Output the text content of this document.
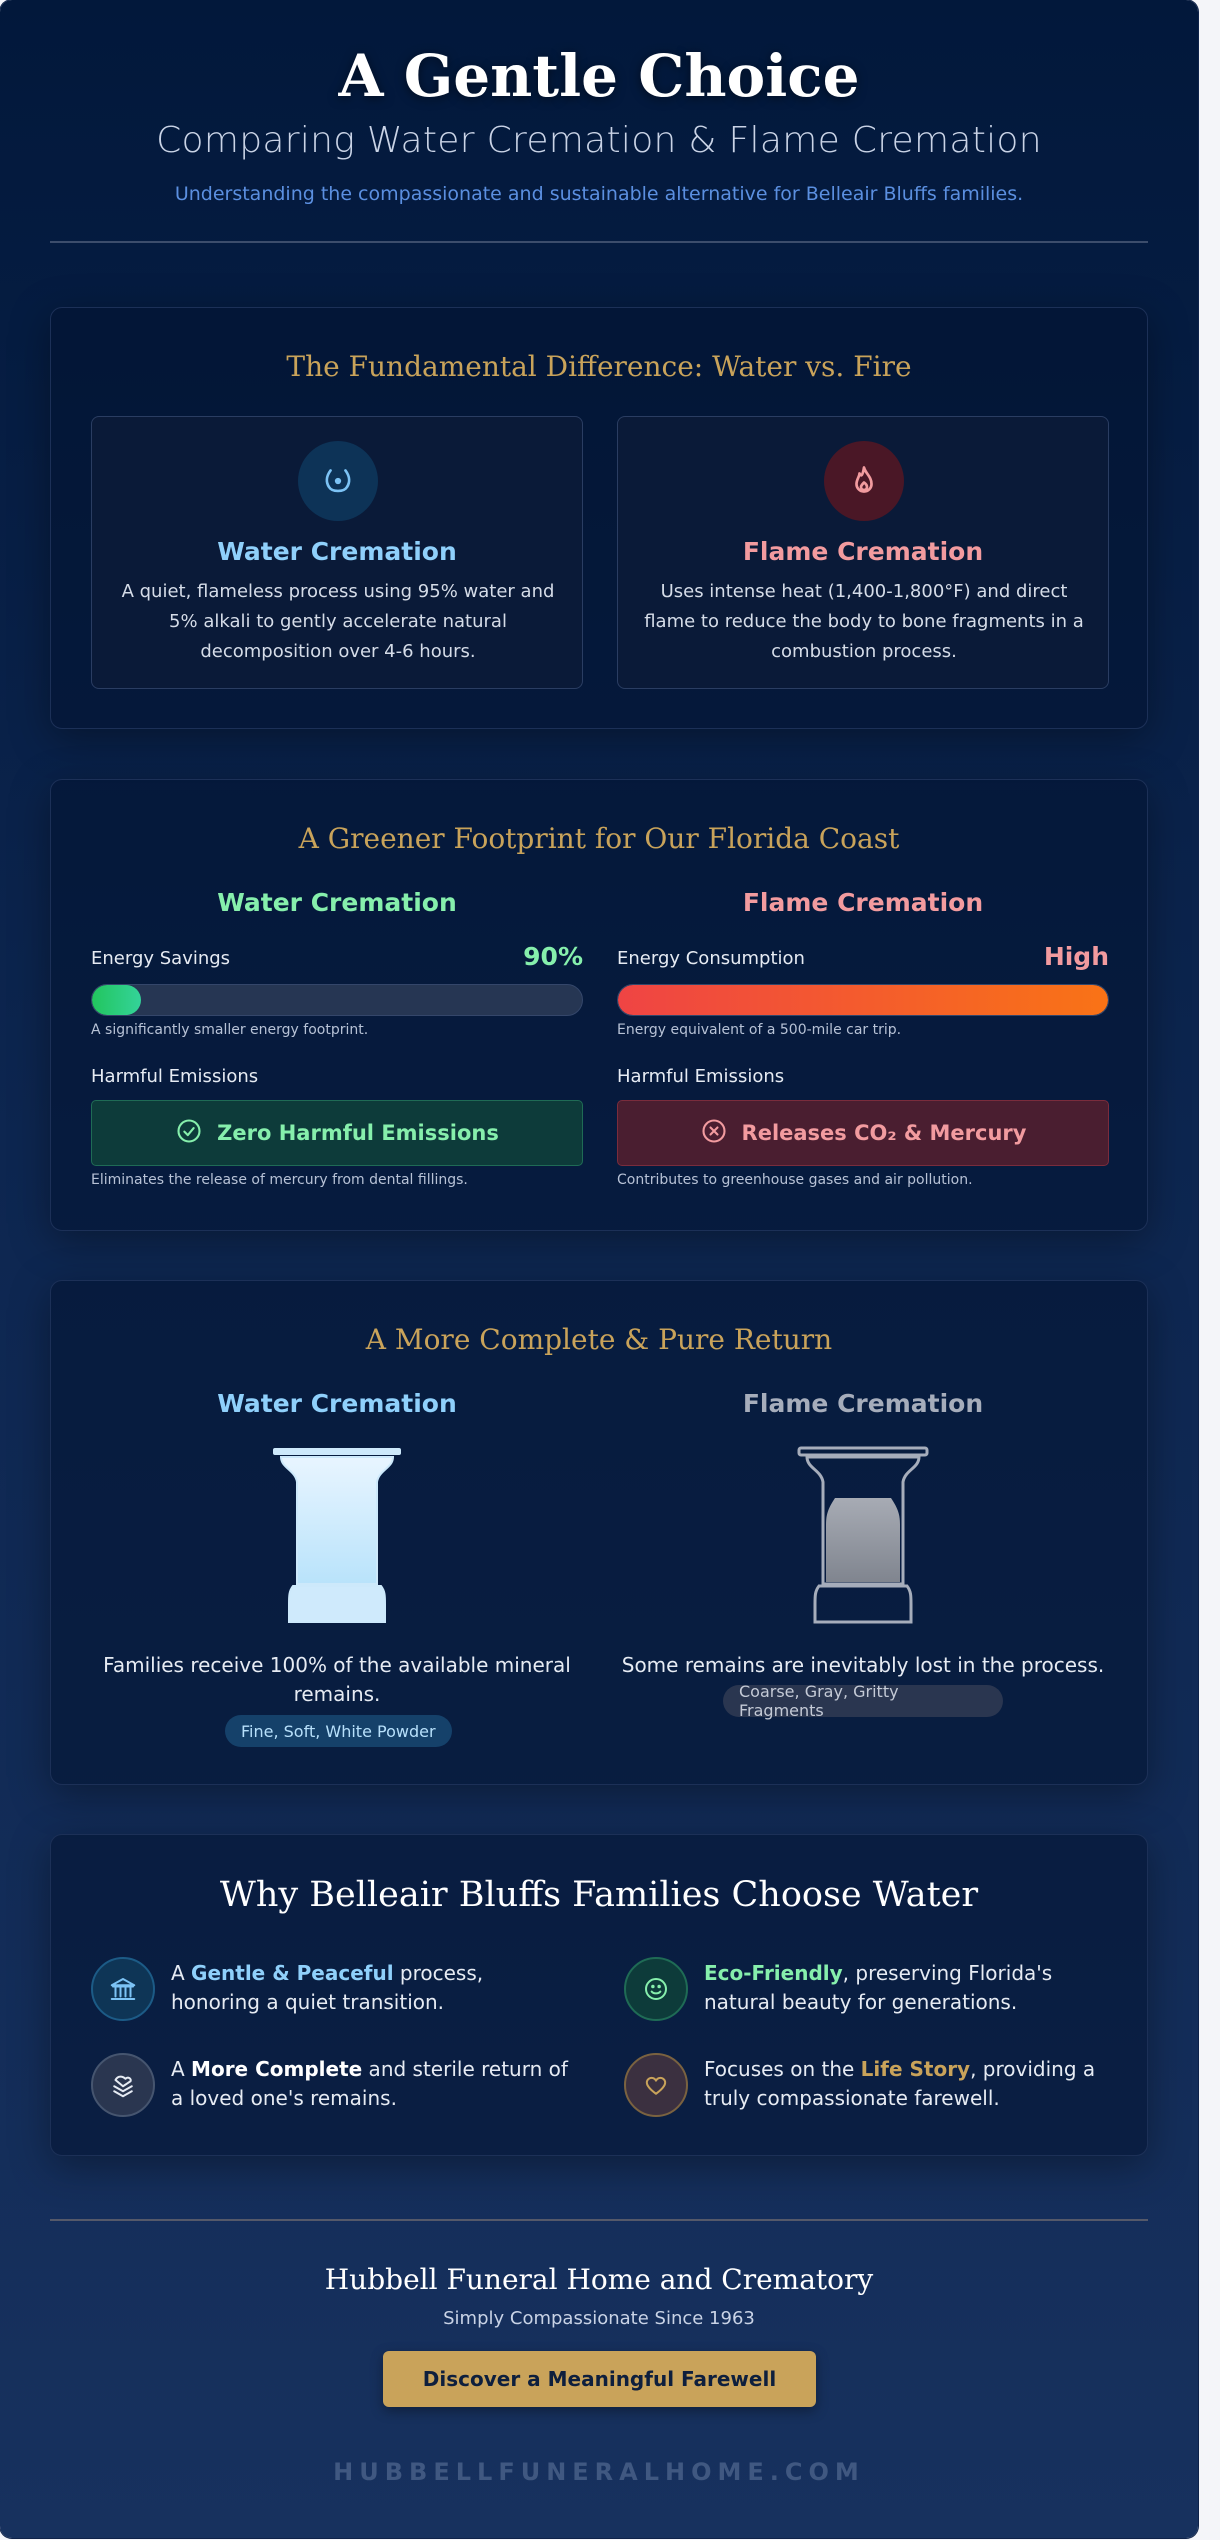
A Gentle Choice
Comparing Water Cremation & Flame Cremation
Understanding the compassionate and sustainable alternative for Belleair Bluffs families.
The Fundamental Difference: Water vs. Fire
Water Cremation
A quiet, flameless process using 95% water and 5% alkali to gently accelerate natural decomposition over 4-6 hours.
Flame Cremation
Uses intense heat (1,400-1,800°F) and direct flame to reduce the body to bone fragments in a combustion process.
A Greener Footprint for Our Florida Coast
Water Cremation
Energy Savings	90%
A significantly smaller energy footprint.
Harmful Emissions
Zero Harmful Emissions
Eliminates the release of mercury from dental fillings.
Flame Cremation
Energy Consumption	High
Energy equivalent of a 500-mile car trip.
Harmful Emissions
Releases CO₂ & Mercury
Contributes to greenhouse gases and air pollution.
A More Complete & Pure Return
Water Cremation
Families receive 100% of the available mineral remains.
Fine, Soft, White Powder
Flame Cremation
Some remains are inevitably lost in the process.
Coarse, Gray, Gritty Fragments
Why Belleair Bluffs Families Choose Water
A Gentle & Peaceful process, honoring a quiet transition.
Eco-Friendly, preserving Florida's natural beauty for generations.
A More Complete and sterile return of a loved one's remains.
Focuses on the Life Story, providing a truly compassionate farewell.
Hubbell Funeral Home and Crematory
Simply Compassionate Since 1963
Discover a Meaningful Farewell
HUBBELLFUNERALHOME.COM
